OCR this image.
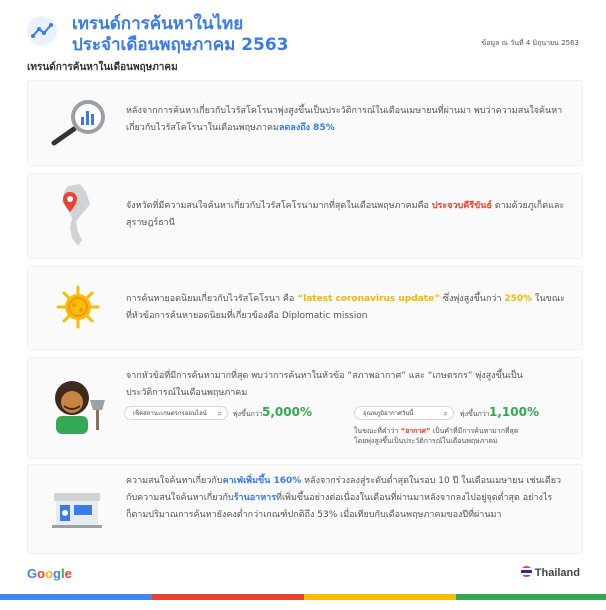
เทรนด์การค้นหาในไทย
ประจำเดือนพฤษภาคม 2563	ข้อมูล ณ วันที่ 4 มิถุนายน 2563
เทรนด์การค้นหาในเดือนพฤษภาคม
หลังจากการค้นหาเกี่ยวกับไวรัสโคโรนาพุ่งสูงขึ้นเป็นประวัติการณ์ในเดือนเมษายนที่ผ่านมา พบว่าความสนใจค้นหาเกี่ยวกับไวรัสโคโรนาในเดือนพฤษภาคมลดลงถึง 85%
จังหวัดที่มีความสนใจค้นหาเกี่ยวกับไวรัสโคโรนามากที่สุดในเดือนพฤษภาคมคือ ประจวบคีรีขันธ์ ตามด้วยภูเก็ตและสุราษฎร์ธานี
การค้นหายอดนิยมเกี่ยวกับไวรัสโคโรนา คือ “latest coronavirus update” ซึ่งพุ่งสูงขึ้นกว่า 250% ในขณะที่หัวข้อการค้นหายอดนิยมที่เกี่ยวข้องคือ Diplomatic mission
จากหัวข้อที่มีการค้นหามากที่สุด พบว่าการค้นหาในหัวข้อ “สภาพอากาศ” และ “เกษตรกร” พุ่งสูงขึ้นเป็นประวัติการณ์ในเดือนพฤษภาคม
เช็คสถานะเกษตรกรออนไลน์ ⌕ พุ่งขึ้นกว่า 5,000%	อุณหภูมิอากาศวันนี้	⌕ พุ่งขึ้นกว่า 1,100%
ในขณะที่คำว่า “อากาศ” เป็นคำที่มีการค้นหามากที่สุด
โดยพุ่งสูงขึ้นเป็นประวัติการณ์ในเดือนพฤษภาคม
ความสนใจค้นหาเกี่ยวกับคาเฟ่เพิ่มขึ้น 160% หลังจากร่วงลงสู่ระดับต่ำสุดในรอบ 10 ปี ในเดือนเมษายน เช่นเดียวกับความสนใจค้นหาเกี่ยวกับร้านอาหารที่เพิ่มขึ้นอย่างต่อเนื่องในเดือนที่ผ่านมาหลังจากลงไปอยู่จุดต่ำสุด อย่างไรก็ตามปริมาณการค้นหายังคงต่ำกว่าเกณฑ์ปกติถึง 53% เมื่อเทียบกับเดือนพฤษภาคมของปีที่ผ่านมา
Google	Thailand
